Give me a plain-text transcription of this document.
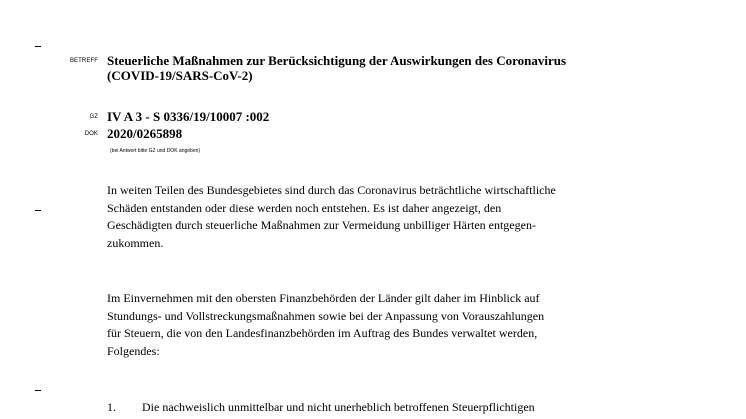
BETREFF Steuerliche Maßnahmen zur Berücksichtigung der Auswirkungen des Coronavirus
(COVID-19/SARS-CoV-2)
GZ IV A 3 - S 0336/19/10007 :002
DOK 2020/0265898
(bei Antwort bitte GZ und DOK angeben)

In weiten Teilen des Bundesgebietes sind durch das Coronavirus beträchtliche wirtschaftliche
Schäden entstanden oder diese werden noch entstehen. Es ist daher angezeigt, den
Geschädigten durch steuerliche Maßnahmen zur Vermeidung unbilliger Härten entgegen-
zukommen.

Im Einvernehmen mit den obersten Finanzbehörden der Länder gilt daher im Hinblick auf
Stundungs- und Vollstreckungsmaßnahmen sowie bei der Anpassung von Vorauszahlungen
für Steuern, die von den Landesfinanzbehörden im Auftrag des Bundes verwaltet werden,
Folgendes:

1. Die nachweislich unmittelbar und nicht unerheblich betroffenen Steuerpflichtigen
